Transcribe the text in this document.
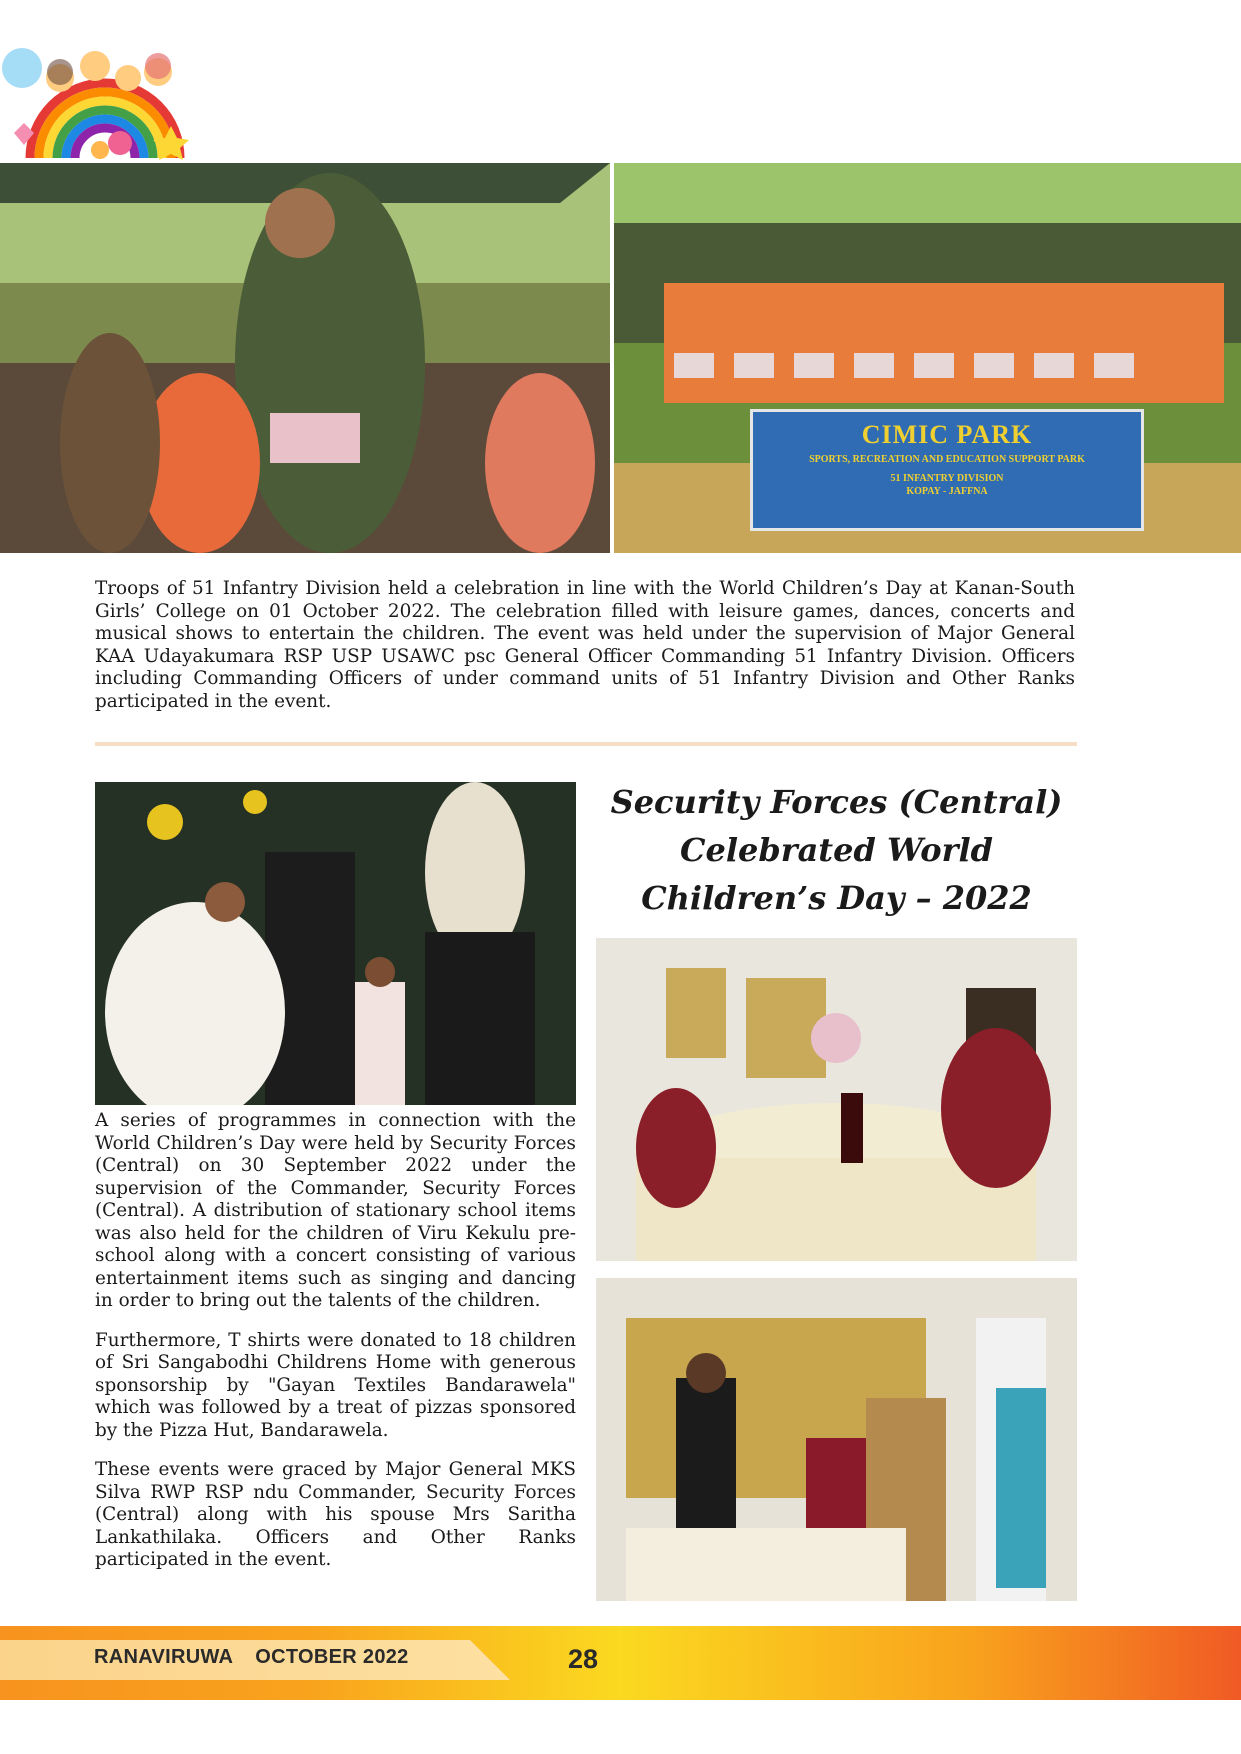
CIMIC PARK
SPORTS, RECREATION AND EDUCATION SUPPORT PARK
51 INFANTRY DIVISION
KOPAY - JAFFNA

Troops of 51 Infantry Division held a celebration in line with the World Children’s Day at Kanan-South Girls’ College on 01 October 2022. The celebration filled with leisure games, dances, concerts and musical shows to entertain the children. The event was held under the supervision of Major General KAA Udayakumara RSP USP USAWC psc General Officer Commanding 51 Infantry Division. Officers including Commanding Officers of under command units of 51 Infantry Division and Other Ranks participated in the event.

Security Forces (Central) Celebrated World Children’s Day – 2022

A series of programmes in connection with the World Children’s Day were held by Security Forces (Central) on 30 September 2022 under the supervision of the Commander, Security Forces (Central). A distribution of stationary school items was also held for the children of Viru Kekulu pre-school along with a concert consisting of various entertainment items such as singing and dancing in order to bring out the talents of the children.

Furthermore, T shirts were donated to 18 children of Sri Sangabodhi Childrens Home with generous sponsorship by "Gayan Textiles Bandarawela" which was followed by a treat of pizzas sponsored by the Pizza Hut, Bandarawela.

These events were graced by Major General MKS Silva RWP RSP ndu Commander, Security Forces (Central) along with his spouse Mrs Saritha Lankathilaka. Officers and Other Ranks participated in the event.

RANAVIRUWA OCTOBER 2022	28
